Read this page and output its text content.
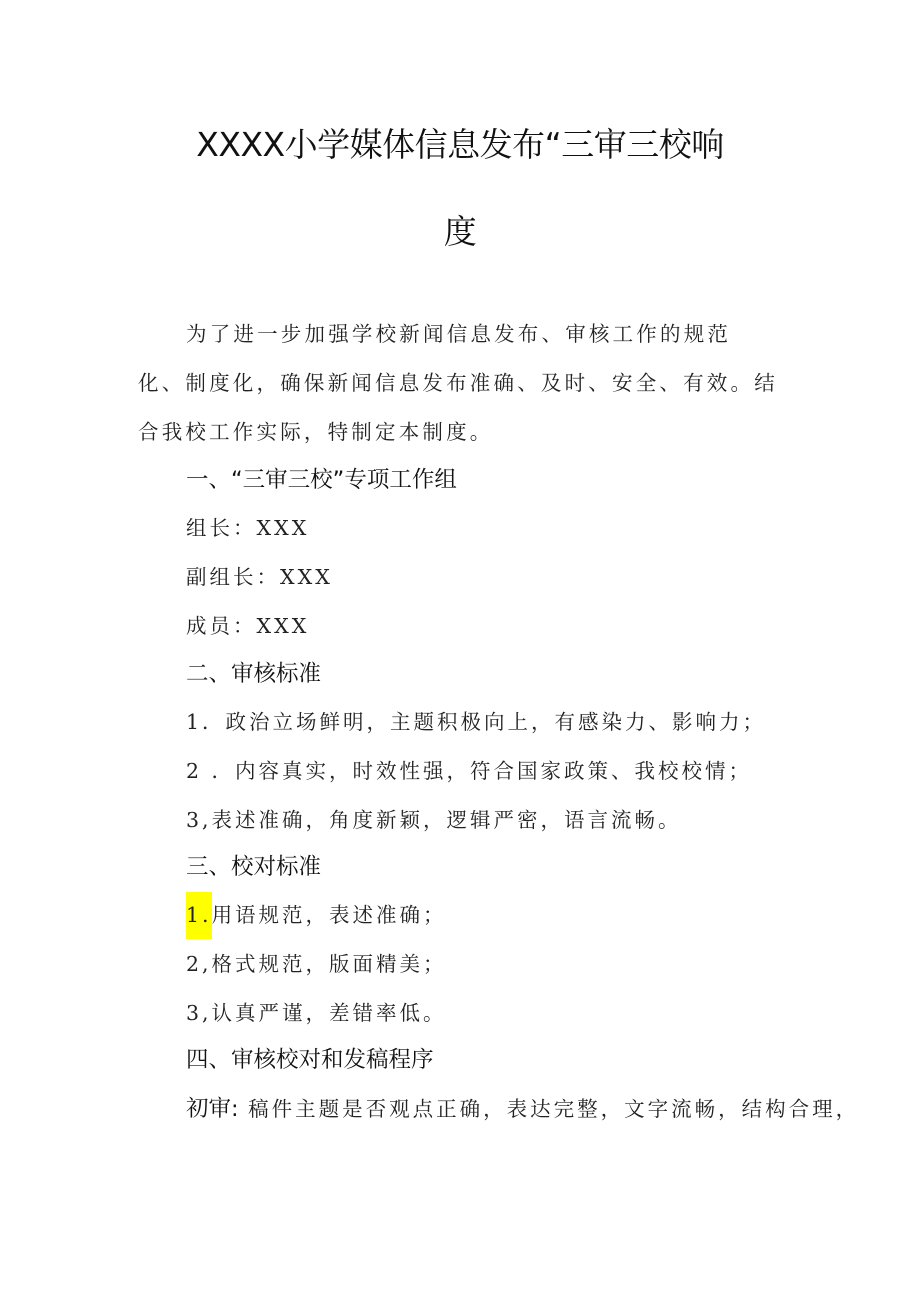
XXXX小学媒体信息发布“三审三校响
度
为了进一步加强学校新闻信息发布、审核工作的规范化、制度化，确保新闻信息发布准确、及时、安全、有效。结合我校工作实际，特制定本制度。
一、“三审三校”专项工作组
组长：XXX
副组长：XXX
成员：XXX
二、审核标准
1．政治立场鲜明，主题积极向上，有感染力、影响力；
2 ．内容真实，时效性强，符合国家政策、我校校情；
3,表述准确，角度新颖，逻辑严密，语言流畅。
三、校对标准
1.用语规范，表述准确；
2,格式规范，版面精美；
3,认真严谨，差错率低。
四、审核校对和发稿程序
初审: 稿件主题是否观点正确，表达完整，文字流畅，结构合理，
